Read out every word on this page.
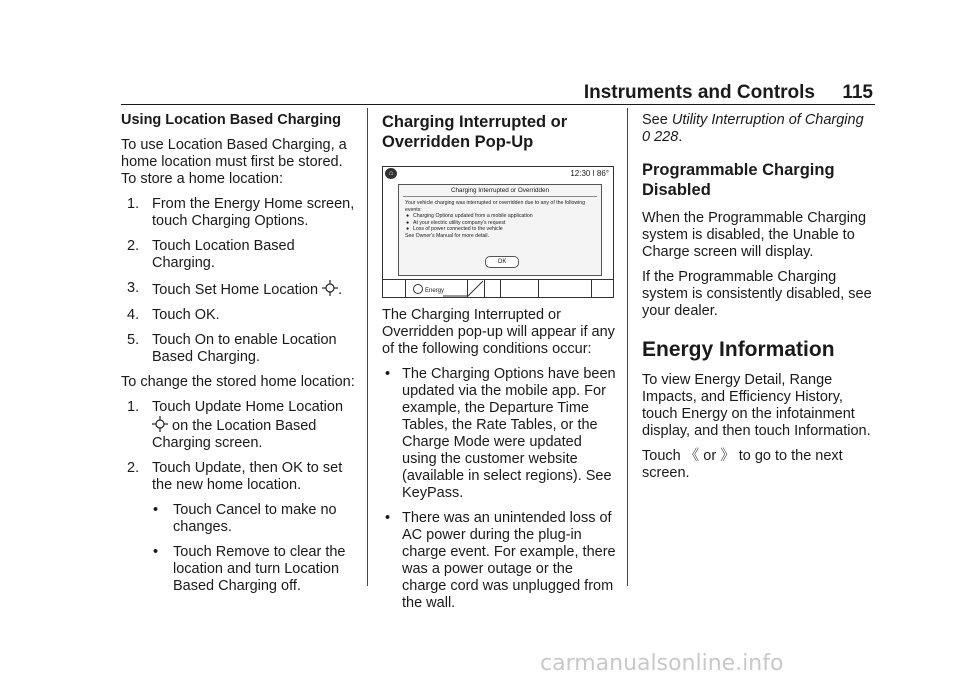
Instruments and Controls 115
Using Location Based Charging

To use Location Based Charging, a home location must first be stored. To store a home location:

1. From the Energy Home screen, touch Charging Options.
2. Touch Location Based Charging.
3. Touch Set Home Location .
4. Touch OK.
5. Touch On to enable Location Based Charging.

To change the stored home location:

1. Touch Update Home Location
on the Location Based Charging screen.
2. Touch Update, then OK to set the new home location.
• Touch Cancel to make no changes.
• Touch Remove to clear the location and turn Location Based Charging off.
Charging Interrupted or Overridden Pop-Up
⌂	12:30 ǀ 86°
Charging Interrupted or Overridden
Your vehicle charging was interrupted or overridden due to any of the following events:
● Charging Options updated from a mobile application
● At your electric utility company's request
● Loss of power connected to the vehicle
See Owner's Manual for more detail.
OK
Energy

The Charging Interrupted or Overridden pop-up will appear if any of the following conditions occur:

• The Charging Options have been updated via the mobile app. For example, the Departure Time Tables, the Rate Tables, or the Charge Mode were updated using the customer website (available in select regions). See KeyPass.
• There was an unintended loss of AC power during the plug-in charge event. For example, there was a power outage or the charge cord was unplugged from the wall.

See Utility Interruption of Charging
0 228.

Programmable Charging Disabled

When the Programmable Charging system is disabled, the Unable to Charge screen will display.

If the Programmable Charging system is consistently disabled, see your dealer.

Energy Information

To view Energy Detail, Range Impacts, and Efficiency History, touch Energy on the infotainment display, and then touch Information.

Touch 《 or 》 to go to the next screen.

carmanualsonline.info
